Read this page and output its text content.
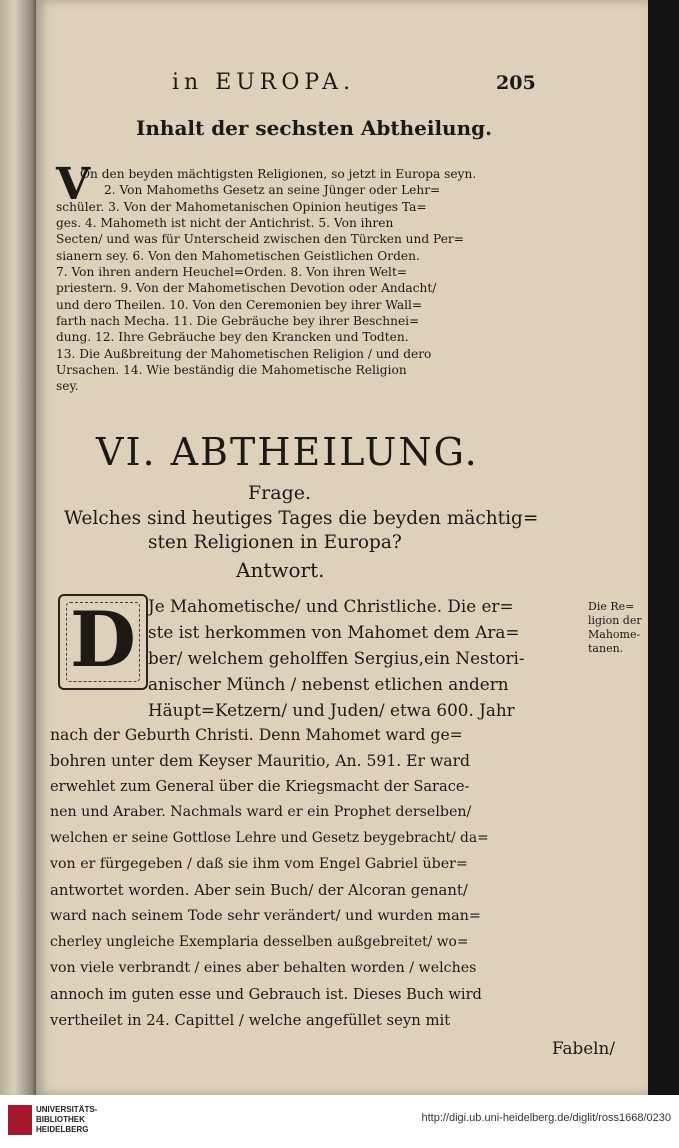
in EUROPA.	205
Inhalt der sechsten Abtheilung.
V
On den beyden mächtigsten Religionen, so jetzt in Europa seyn.
2. Von Mahomeths Gesetz an seine Jünger oder Lehr=
schüler. 3. Von der Mahometanischen Opinion heutiges Ta=
ges. 4. Mahometh ist nicht der Antichrist. 5. Von ihren
Secten/ und was für Unterscheid zwischen den Türcken und Per=
sianern sey. 6. Von den Mahometischen Geistlichen Orden.
7. Von ihren andern Heuchel=Orden. 8. Von ihren Welt=
priestern. 9. Von der Mahometischen Devotion oder Andacht/
und dero Theilen. 10. Von den Ceremonien bey ihrer Wall=
farth nach Mecha. 11. Die Gebräuche bey ihrer Beschnei=
dung. 12. Ihre Gebräuche bey den Krancken und Todten.
13. Die Außbreitung der Mahometischen Religion / und dero
Ursachen. 14. Wie beständig die Mahometische Religion
sey.
VI. ABTHEILUNG.
Frage.
Welches sind heutiges Tages die beyden mächtig=
sten Religionen in Europa?
Antwort.
D Je Mahometische/ und Christliche. Die er=
ste ist herkommen von Mahomet dem Ara=
ber/ welchem geholffen Sergius,ein Nestori-
anischer Münch / nebenst etlichen andern
Häupt=Ketzern/ und Juden/ etwa 600. Jahr
nach der Geburth Christi. Denn Mahomet ward ge=
bohren unter dem Keyser Mauritio, An. 591. Er ward
erwehlet zum General über die Kriegsmacht der Sarace-
nen und Araber. Nachmals ward er ein Prophet derselben/
welchen er seine Gottlose Lehre und Gesetz beygebracht/ da=
von er fürgegeben / daß sie ihm vom Engel Gabriel über=
antwortet worden. Aber sein Buch/ der Alcoran genant/
ward nach seinem Tode sehr verändert/ und wurden man=
cherley ungleiche Exemplaria desselben außgebreitet/ wo=
von viele verbrandt / eines aber behalten worden / welches
annoch im guten esse und Gebrauch ist. Dieses Buch wird
vertheilet in 24. Capittel / welche angefüllet seyn mit
Fabeln/
Die Re=
ligion der
Mahome-
tanen.
UNIVERSITÄTS-
BIBLIOTHEK
HEIDELBERG
http://digi.ub.uni-heidelberg.de/diglit/ross1668/0230
